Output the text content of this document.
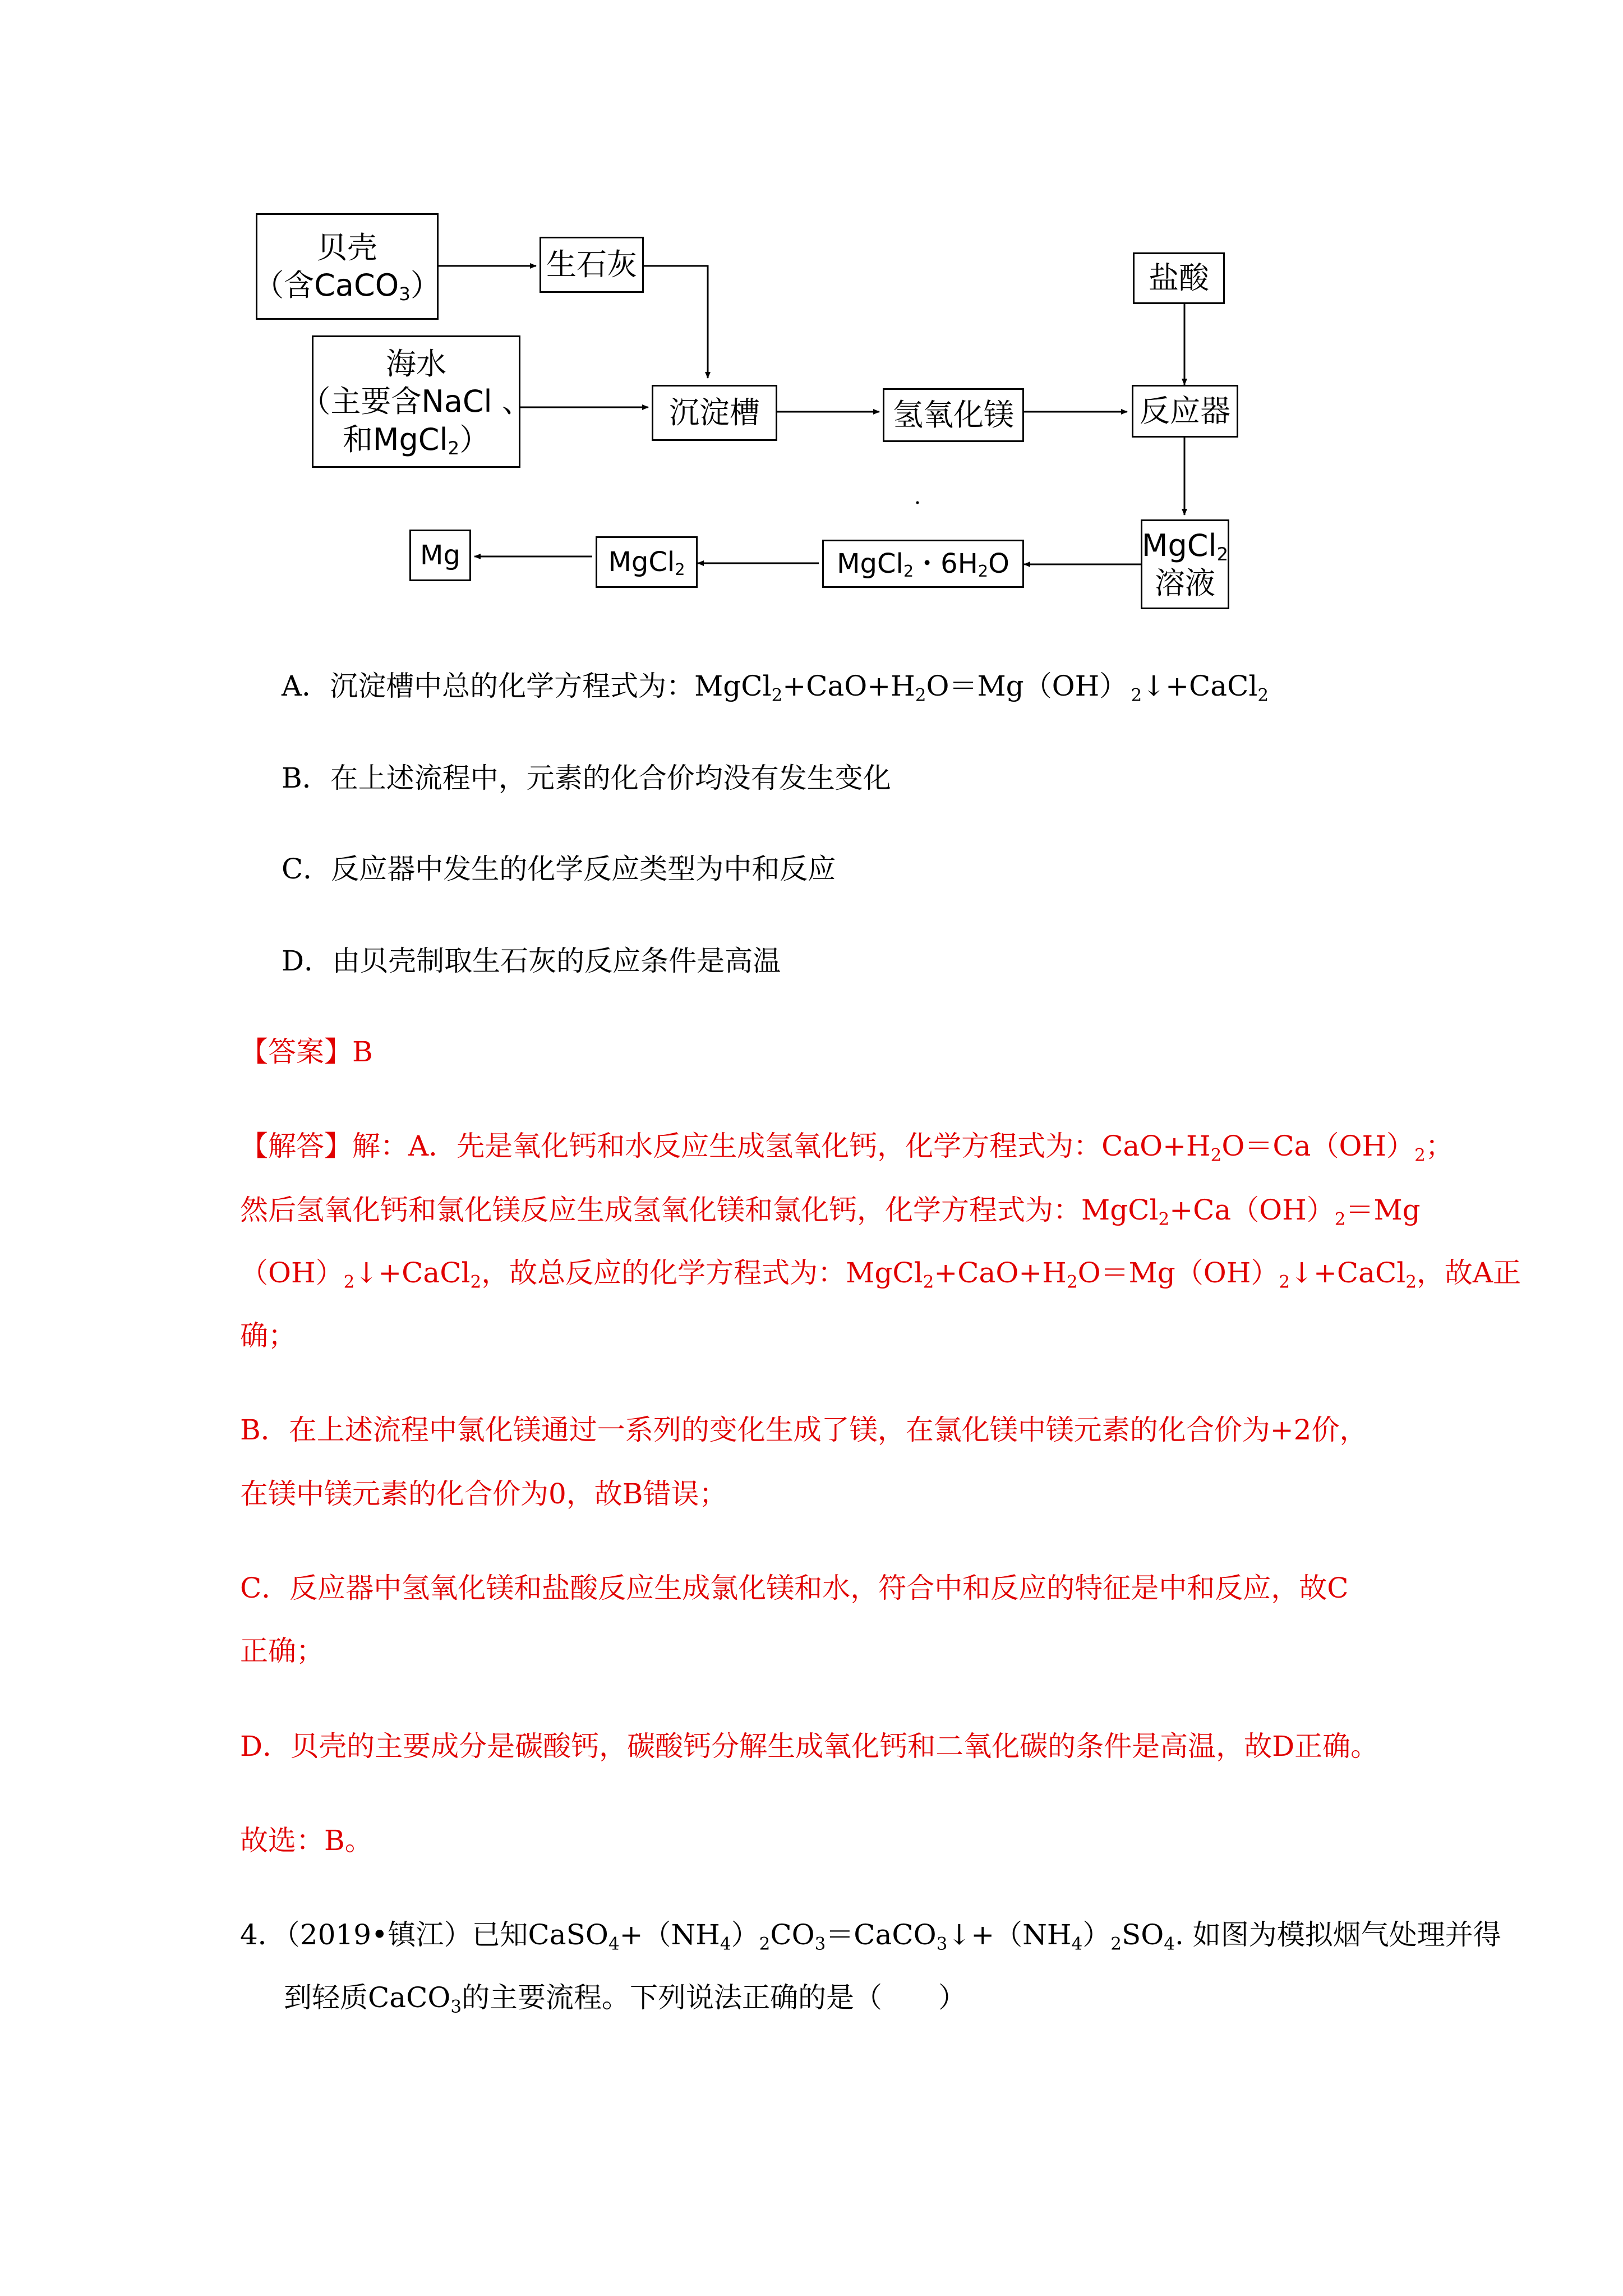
贝壳
（含CaCO$_3$）
生石灰	盐酸
海水
（主要含NaCl 、
和MgCl$_2$）
沉淀槽	氢氧化镁	反应器
MgCl$_2$
溶液
MgCl$_2$・$6H_2O$
MgCl$_2$
Mg
A．沉淀槽中总的化学方程式为：MgCl2+CaO+H2O＝Mg（OH）  2↓+CaCl2
B．在上述流程中，元素的化合价均没有发生变化
C．反应器中发生的化学反应类型为中和反应
D．由贝壳制取生石灰的反应条件是高温
【答案】B
【解答】解：A．先是氧化钙和水反应生成氢氧化钙，化学方程式为：CaO+H2O＝Ca（OH）2；
然后氢氧化钙和氯化镁反应生成氢氧化镁和氯化钙，化学方程式为：MgCl2+Ca（OH）2＝Mg
（OH）2↓+CaCl2，故总反应的化学方程式为：MgCl2+CaO+H2O＝Mg（OH）2↓+CaCl2，故A正
确；
B．在上述流程中氯化镁通过一系列的变化生成了镁，在氯化镁中镁元素的化合价为+2价，
在镁中镁元素的化合价为0，故B错误；
C．反应器中氢氧化镁和盐酸反应生成氯化镁和水，符合中和反应的特征是中和反应，故C
正确；
D．贝壳的主要成分是碳酸钙，碳酸钙分解生成氧化钙和二氧化碳的条件是高温，故D正确。
故选：B。
4．（2019•镇江）已知CaSO4+（NH4）2CO3＝CaCO3↓+（NH4）2SO4. 如图为模拟烟气处理并得
到轻质CaCO3的主要流程。下列说法正确的是（　　）
